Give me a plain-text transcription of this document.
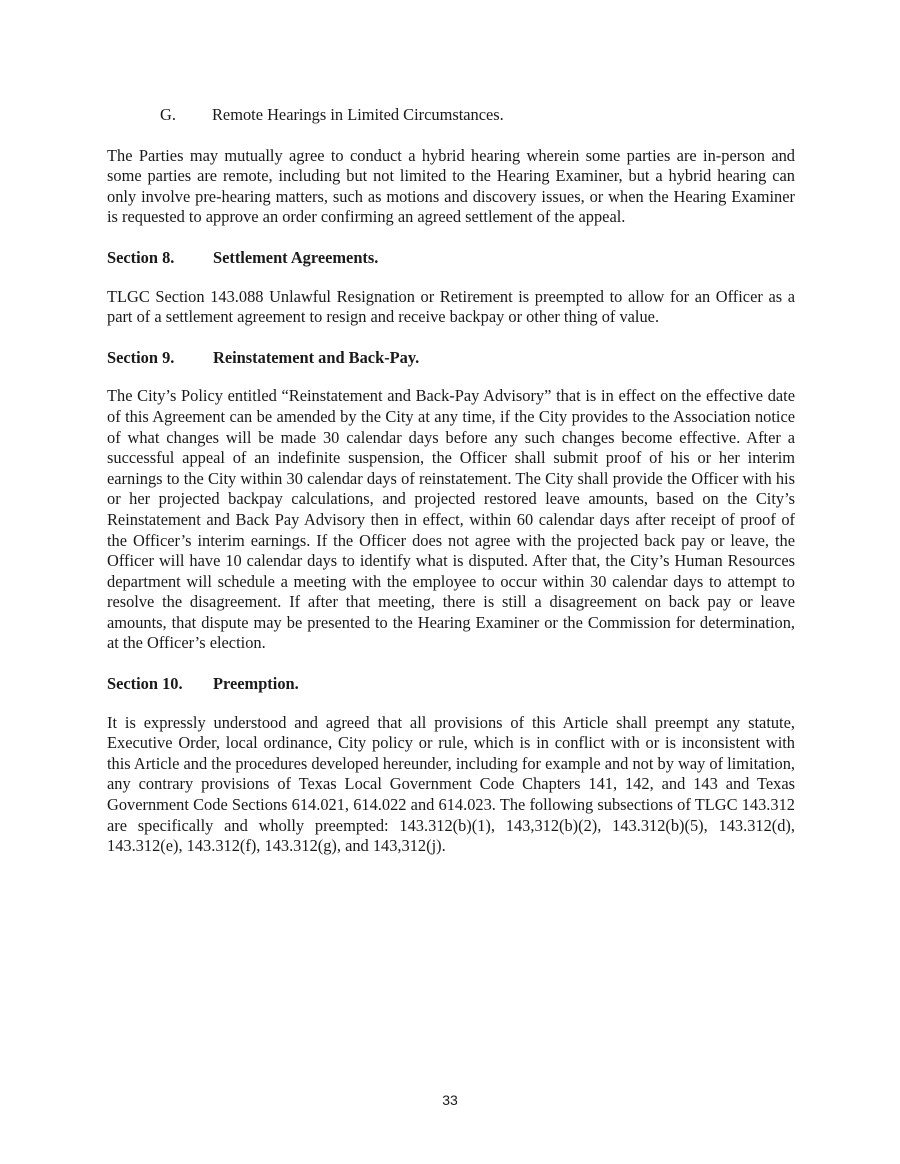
G. Remote Hearings in Limited Circumstances.

The Parties may mutually agree to conduct a hybrid hearing wherein some parties are in-person and some parties are remote, including but not limited to the Hearing Examiner, but a hybrid hearing can only involve pre-hearing matters, such as motions and discovery issues, or when the Hearing Examiner is requested to approve an order confirming an agreed settlement of the appeal.

Section 8. Settlement Agreements.

TLGC Section 143.088 Unlawful Resignation or Retirement is preempted to allow for an Officer as a part of a settlement agreement to resign and receive backpay or other thing of value.

Section 9. Reinstatement and Back-Pay.

The City’s Policy entitled “Reinstatement and Back-Pay Advisory” that is in effect on the effective date of this Agreement can be amended by the City at any time, if the City provides to the Association notice of what changes will be made 30 calendar days before any such changes become effective. After a successful appeal of an indefinite suspension, the Officer shall submit proof of his or her interim earnings to the City within 30 calendar days of reinstatement. The City shall provide the Officer with his or her projected backpay calculations, and projected restored leave amounts, based on the City’s Reinstatement and Back Pay Advisory then in effect, within 60 calendar days after receipt of proof of the Officer’s interim earnings. If the Officer does not agree with the projected back pay or leave, the Officer will have 10 calendar days to identify what is disputed. After that, the City’s Human Resources department will schedule a meeting with the employee to occur within 30 calendar days to attempt to resolve the disagreement. If after that meeting, there is still a disagreement on back pay or leave amounts, that dispute may be presented to the Hearing Examiner or the Commission for determination, at the Officer’s election.

Section 10. Preemption.

It is expressly understood and agreed that all provisions of this Article shall preempt any statute, Executive Order, local ordinance, City policy or rule, which is in conflict with or is inconsistent with this Article and the procedures developed hereunder, including for example and not by way of limitation, any contrary provisions of Texas Local Government Code Chapters 141, 142, and 143 and Texas Government Code Sections 614.021, 614.022 and 614.023. The following subsections of TLGC 143.312 are specifically and wholly preempted: 143.312(b)(1), 143,312(b)(2), 143.312(b)(5), 143.312(d), 143.312(e), 143.312(f), 143.312(g), and 143,312(j).

33
